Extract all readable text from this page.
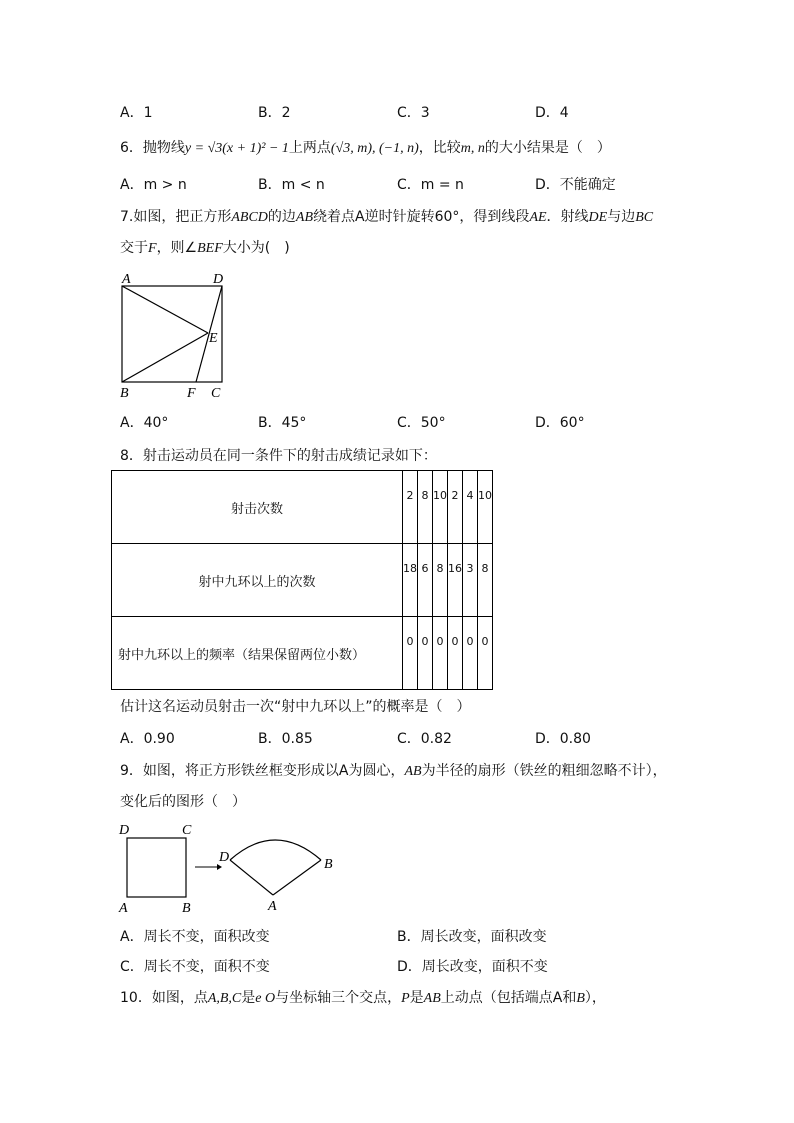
A．1	B．2	C．3	D．4
6．抛物线y = √3(x + 1)² − 1上两点(√3, m), (−1, n)，比较m, n的大小结果是（　）
A．m > n	B．m < n	C．m = n	D．不能确定
7.如图，把正方形ABCD的边AB绕着点A逆时针旋转60°，得到线段AE．射线DE与边BC
交于F，则∠BEF大小为(　)
A	D
E
B	F C
D	C
A	B
D	B
A
A．40°	B．45°	C．50°	D．60°
8．射击运动员在同一条件下的射击成绩记录如下：
射击次数	2	8	10	2	4	10
射中九环以上的次数	18	6	8	16	3	8
射中九环以上的频率（结果保留两位小数）	0	0	0	0	0	0
估计这名运动员射击一次“射中九环以上”的概率是（　）
A．0.90	B．0.85	C．0.82	D．0.80
9．如图，将正方形铁丝框变形成以A为圆心，AB为半径的扇形（铁丝的粗细忽略不计），
变化后的图形（　）
A．周长不变，面积改变	B．周长改变，面积改变
C．周长不变，面积不变	D．周长改变，面积不变
10．如图，点A,B,C是e O与坐标轴三个交点，P是AB上动点（包括端点A和B），
